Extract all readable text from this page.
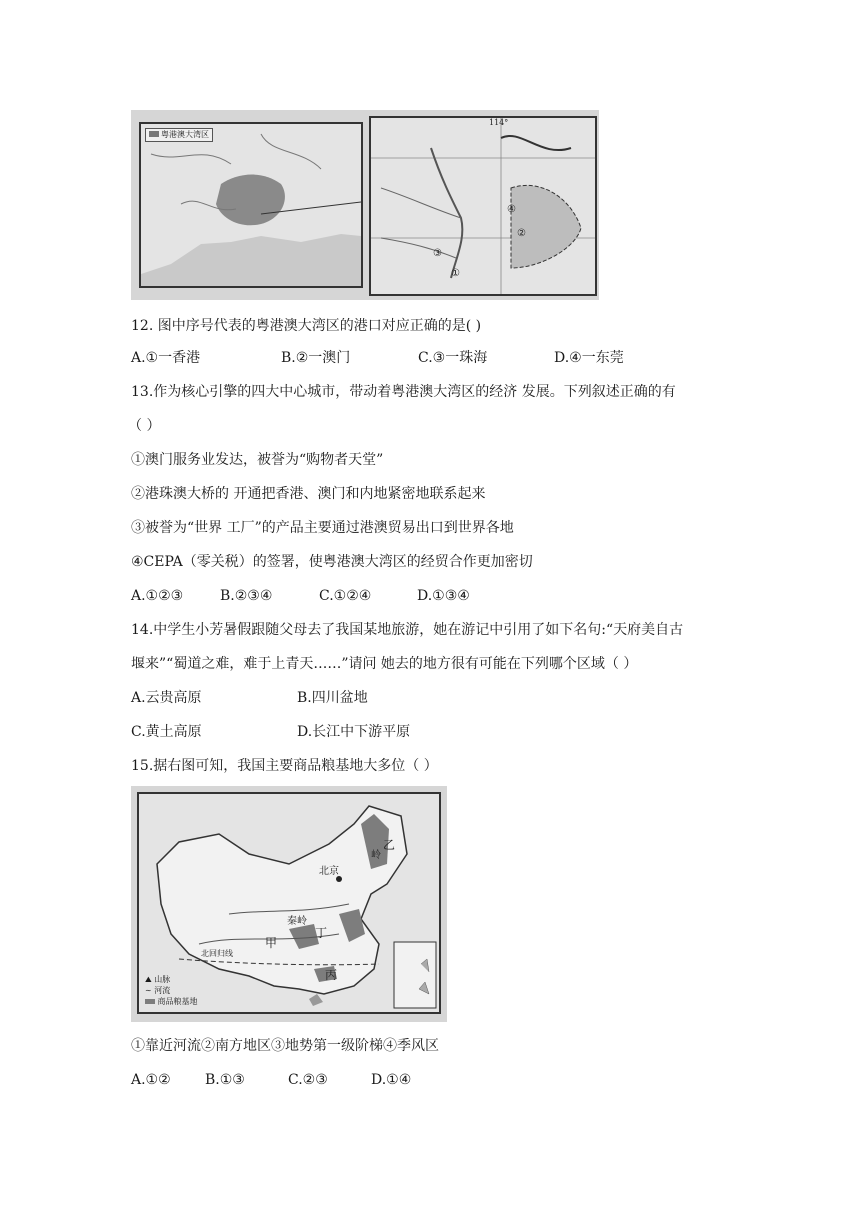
粤港澳大湾区
114°
④
②
③
①
12. 图中序号代表的粤港澳大湾区的港口对应正确的是( )
A.①一香港	B.②一澳门	C.③一珠海	D.④一东莞
13.作为核心引擎的四大中心城市，带动着粤港澳大湾区的经济 发展。下列叙述正确的有
（ ）
①澳门服务业发达，被誉为“购物者天堂”
②港珠澳大桥的 开通把香港、澳门和内地紧密地联系起来
③被誉为“世界 工厂”的产品主要通过港澳贸易出口到世界各地
④CEPA（零关税）的签署，使粤港澳大湾区的经贸合作更加密切
A.①②③	B.②③④	C.①②④	D.①③④
14.中学生小芳暑假跟随父母去了我国某地旅游，她在游记中引用了如下名句:“天府美自古
堰来”“蜀道之难，难于上青天……”请问 她去的地方很有可能在下列哪个区域（ ）
A.云贵高原	B.四川盆地
C.黄土高原	D.长江中下游平原
15.据右图可知，我国主要商品粮基地大多位（ ）
北京
乙
岭
秦岭
甲
丁
丙
北回归线
⛰ 山脉
∼ 河流
商品粮基地
①靠近河流②南方地区③地势第一级阶梯④季风区
A.①② B.①③	C.②③	D.①④
